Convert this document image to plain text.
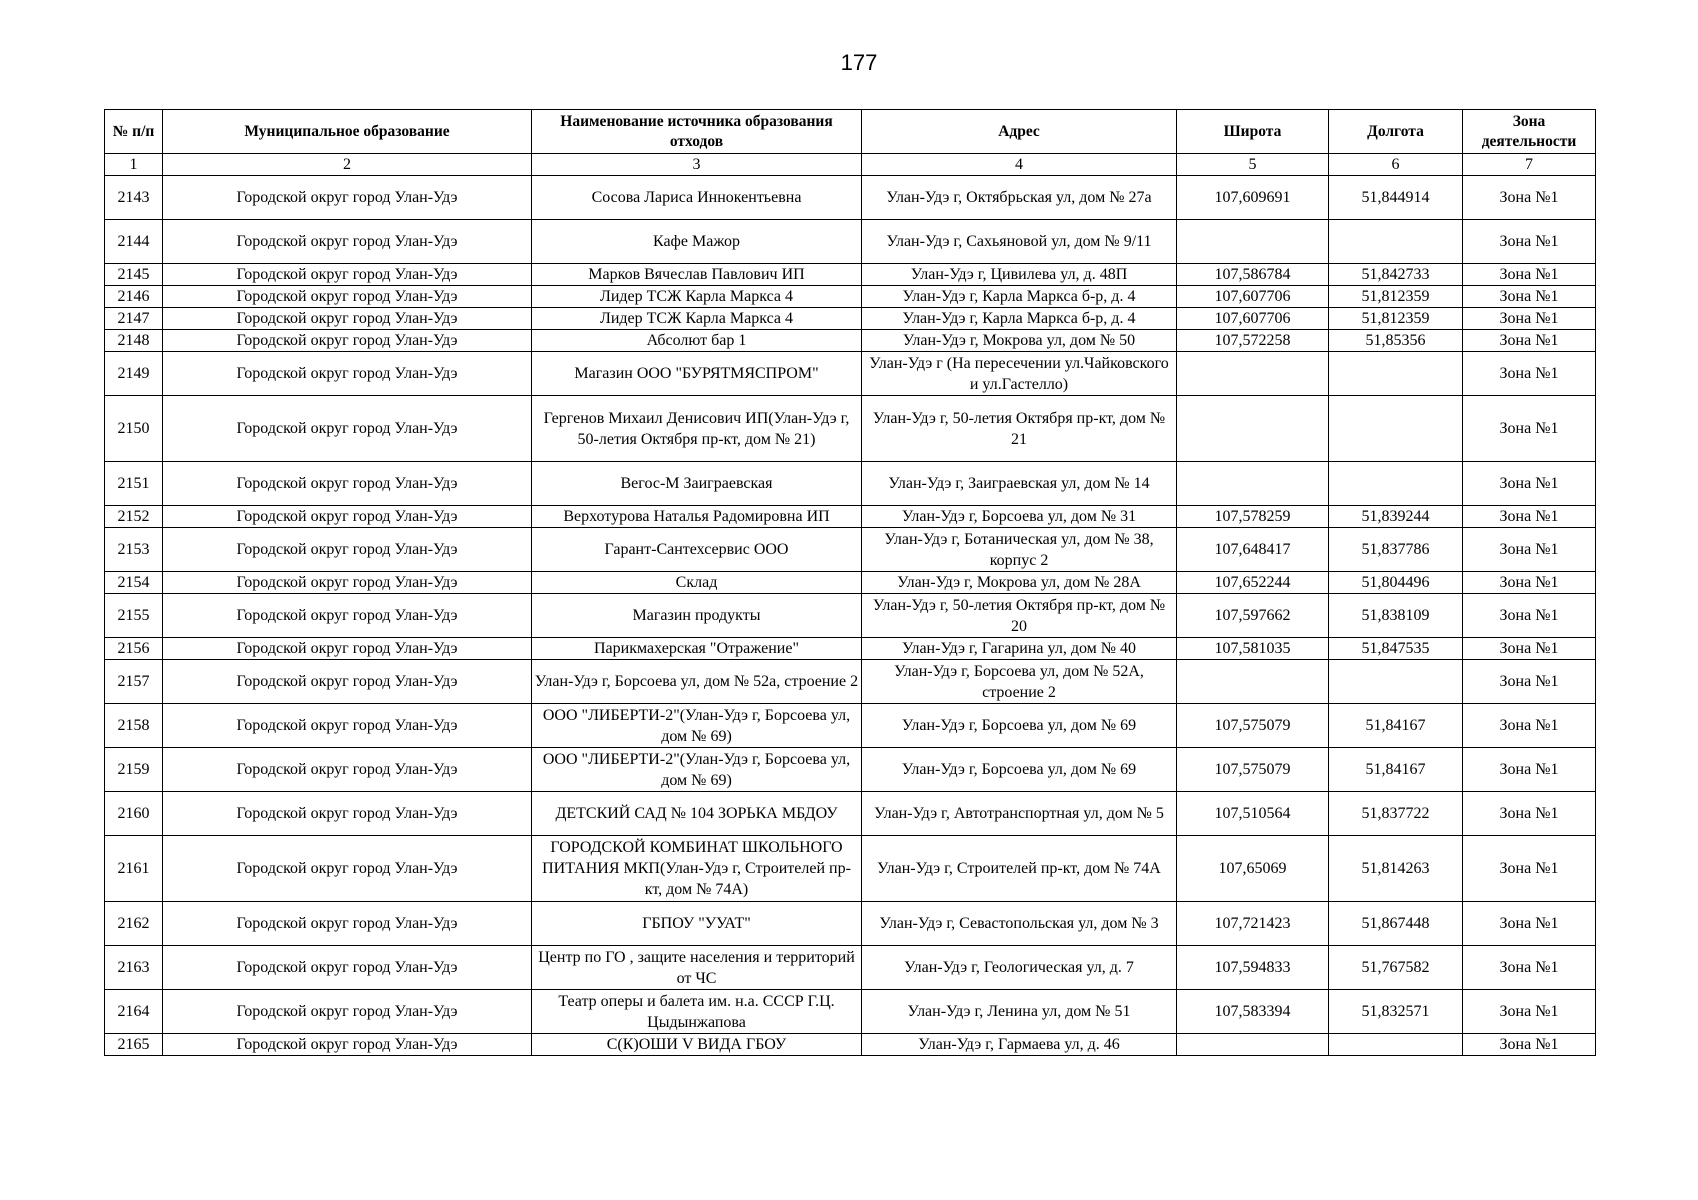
177
№ п/п	Муниципальное образование	Наименование источника образования отходов	Адрес	Широта	Долгота	Зона деятельности
1	2	3	4	5	6	7
2143	Городской округ город Улан-Удэ	Сосова Лариса Иннокентьевна	Улан-Удэ г, Октябрьская ул, дом № 27а	107,609691	51,844914	Зона №1
2144	Городской округ город Улан-Удэ	Кафе Мажор	Улан-Удэ г, Сахьяновой ул, дом № 9/11			Зона №1
2145	Городской округ город Улан-Удэ	Марков Вячеслав Павлович ИП	Улан-Удэ г, Цивилева ул, д. 48П	107,586784	51,842733	Зона №1
2146	Городской округ город Улан-Удэ	Лидер ТСЖ Карла Маркса 4	Улан-Удэ г, Карла Маркса б-р, д. 4	107,607706	51,812359	Зона №1
2147	Городской округ город Улан-Удэ	Лидер ТСЖ Карла Маркса 4	Улан-Удэ г, Карла Маркса б-р, д. 4	107,607706	51,812359	Зона №1
2148	Городской округ город Улан-Удэ	Абсолют бар 1	Улан-Удэ г, Мокрова ул, дом № 50	107,572258	51,85356	Зона №1
2149	Городской округ город Улан-Удэ	Магазин ООО "БУРЯТМЯСПРОМ"	Улан-Удэ г (На пересечении ул.Чайковского и ул.Гастелло)			Зона №1
2150	Городской округ город Улан-Удэ	Гергенов Михаил Денисович ИП(Улан-Удэ г, 50-летия Октября пр-кт, дом № 21)	Улан-Удэ г, 50-летия Октября пр-кт, дом № 21			Зона №1
2151	Городской округ город Улан-Удэ	Вегос-М Заиграевская	Улан-Удэ г, Заиграевская ул, дом № 14			Зона №1
2152	Городской округ город Улан-Удэ	Верхотурова Наталья Радомировна ИП	Улан-Удэ г, Борсоева ул, дом № 31	107,578259	51,839244	Зона №1
2153	Городской округ город Улан-Удэ	Гарант-Сантехсервис ООО	Улан-Удэ г, Ботаническая ул, дом № 38, корпус 2	107,648417	51,837786	Зона №1
2154	Городской округ город Улан-Удэ	Склад	Улан-Удэ г, Мокрова ул, дом № 28А	107,652244	51,804496	Зона №1
2155	Городской округ город Улан-Удэ	Магазин продукты	Улан-Удэ г, 50-летия Октября пр-кт, дом № 20	107,597662	51,838109	Зона №1
2156	Городской округ город Улан-Удэ	Парикмахерская "Отражение"	Улан-Удэ г, Гагарина ул, дом № 40	107,581035	51,847535	Зона №1
2157	Городской округ город Улан-Удэ	Улан-Удэ г, Борсоева ул, дом № 52а, строение 2	Улан-Удэ г, Борсоева ул, дом № 52А, строение 2			Зона №1
2158	Городской округ город Улан-Удэ	ООО "ЛИБЕРТИ-2"(Улан-Удэ г, Борсоева ул, дом № 69)	Улан-Удэ г, Борсоева ул, дом № 69	107,575079	51,84167	Зона №1
2159	Городской округ город Улан-Удэ	ООО "ЛИБЕРТИ-2"(Улан-Удэ г, Борсоева ул, дом № 69)	Улан-Удэ г, Борсоева ул, дом № 69	107,575079	51,84167	Зона №1
2160	Городской округ город Улан-Удэ	ДЕТСКИЙ САД № 104 ЗОРЬКА МБДОУ	Улан-Удэ г, Автотранспортная ул, дом № 5	107,510564	51,837722	Зона №1
2161	Городской округ город Улан-Удэ	ГОРОДСКОЙ КОМБИНАТ ШКОЛЬНОГО ПИТАНИЯ МКП(Улан-Удэ г, Строителей пр-кт, дом № 74А)	Улан-Удэ г, Строителей пр-кт, дом № 74А	107,65069	51,814263	Зона №1
2162	Городской округ город Улан-Удэ	ГБПОУ "УУАТ"	Улан-Удэ г, Севастопольская ул, дом № 3	107,721423	51,867448	Зона №1
2163	Городской округ город Улан-Удэ	Центр по ГО , защите населения и территорий от ЧС	Улан-Удэ г, Геологическая ул, д. 7	107,594833	51,767582	Зона №1
2164	Городской округ город Улан-Удэ	Театр оперы и балета им. н.а. СССР Г.Ц. Цыдынжапова	Улан-Удэ г, Ленина ул, дом № 51	107,583394	51,832571	Зона №1
2165	Городской округ город Улан-Удэ	С(К)ОШИ V ВИДА ГБОУ	Улан-Удэ г, Гармаева ул, д. 46			Зона №1
